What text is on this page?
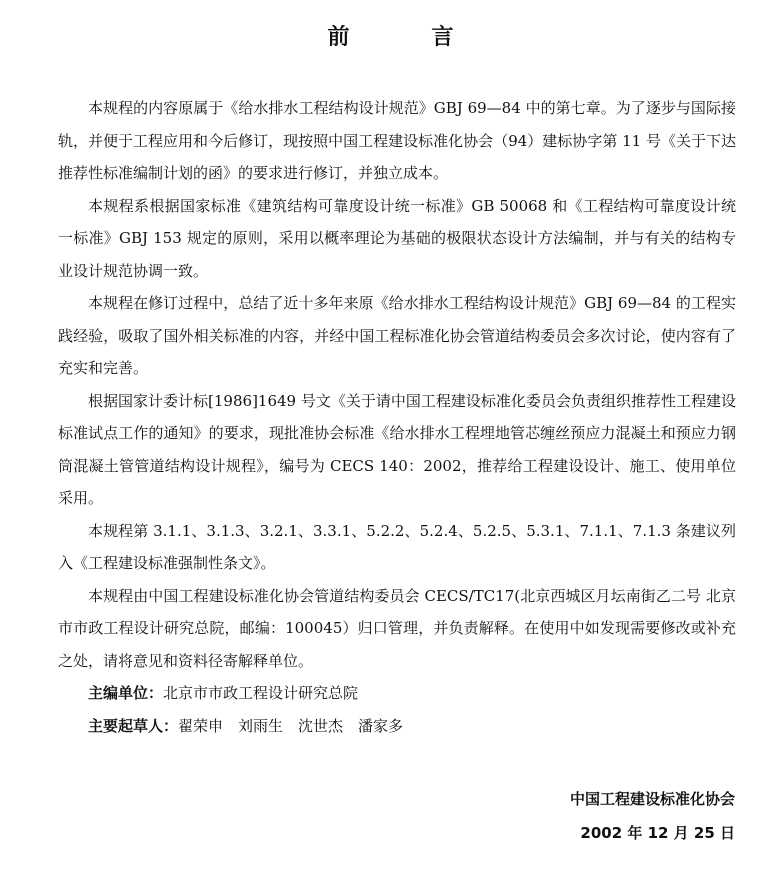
前　言

本规程的内容原属于《给水排水工程结构设计规范》GBJ 69—84 中的第七章。为了逐步与国际接轨，并便于工程应用和今后修订，现按照中国工程建设标准化协会（94）建标协字第 11 号《关于下达推荐性标准编制计划的函》的要求进行修订，并独立成本。

本规程系根据国家标准《建筑结构可靠度设计统一标准》GB 50068 和《工程结构可靠度设计统一标准》GBJ 153 规定的原则，采用以概率理论为基础的极限状态设计方法编制，并与有关的结构专业设计规范协调一致。

本规程在修订过程中，总结了近十多年来原《给水排水工程结构设计规范》GBJ 69—84 的工程实践经验，吸取了国外相关标准的内容，并经中国工程标准化协会管道结构委员会多次讨论，使内容有了充实和完善。

根据国家计委计标[1986]1649 号文《关于请中国工程建设标准化委员会负责组织推荐性工程建设标准试点工作的通知》的要求，现批准协会标准《给水排水工程埋地管芯缠丝预应力混凝土和预应力钢筒混凝土管管道结构设计规程》，编号为 CECS 140：2002，推荐给工程建设设计、施工、使用单位采用。

本规程第 3.1.1、3.1.3、3.2.1、3.3.1、5.2.2、5.2.4、5.2.5、5.3.1、7.1.1、7.1.3 条建议列入《工程建设标准强制性条文》。

本规程由中国工程建设标准化协会管道结构委员会 CECS/TC17(北京西城区月坛南街乙二号 北京市市政工程设计研究总院，邮编：100045）归口管理，并负责解释。在使用中如发现需要修改或补充之处，请将意见和资料径寄解释单位。

主编单位：北京市市政工程设计研究总院

主要起草人：翟荣申　刘雨生　沈世杰　潘家多

中国工程建设标准化协会
2002 年 12 月 25 日
